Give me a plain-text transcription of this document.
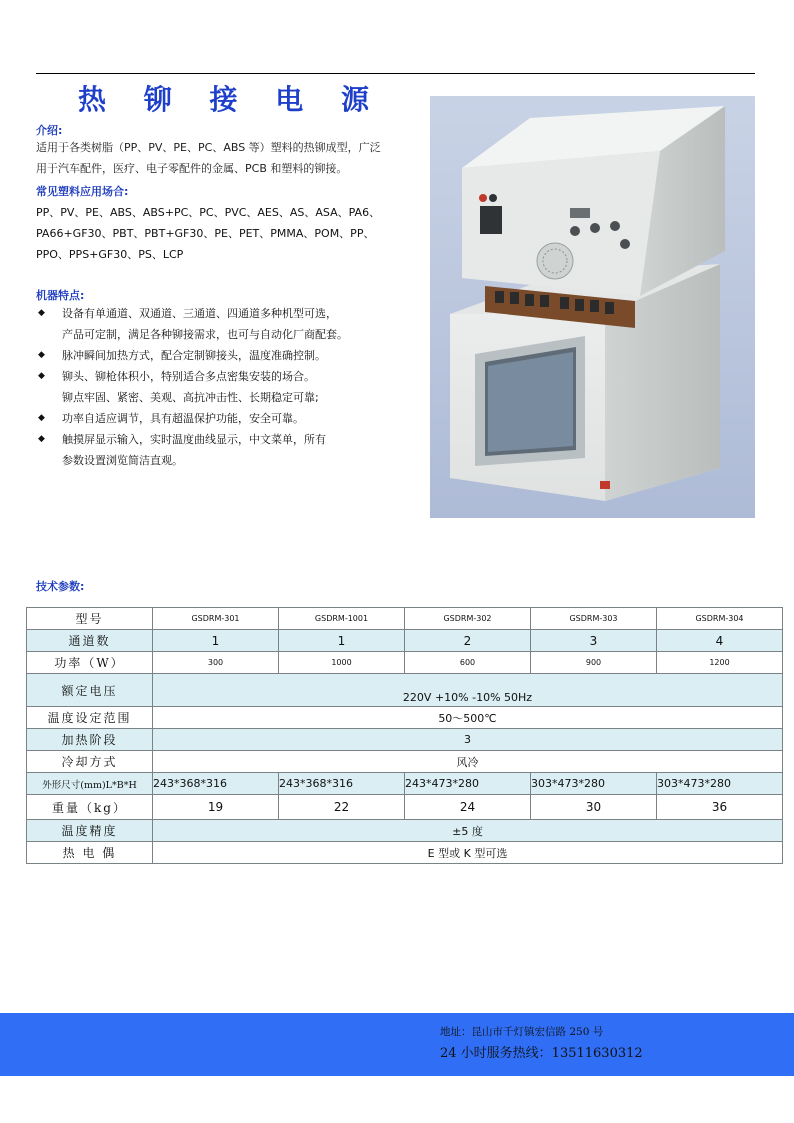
热 铆 接 电 源
介绍:
适用于各类树脂（PP、PV、PE、PC、ABS 等）塑料的热铆成型，广泛
用于汽车配件，医疗、电子零配件的金属、PCB 和塑料的铆接。
常见塑料应用场合:
PP、PV、PE、ABS、ABS+PC、PC、PVC、AES、AS、ASA、PA6、
PA66+GF30、PBT、PBT+GF30、PE、PET、PMMA、POM、PP、
PPO、PPS+GF30、PS、LCP
机器特点:
◆ 设备有单通道、双通道、三通道、四通道多种机型可选，
产品可定制，满足各种铆接需求，也可与自动化厂商配套。
◆ 脉冲瞬间加热方式，配合定制铆接头，温度准确控制。
◆ 铆头、铆枪体积小，特别适合多点密集安装的场合。
铆点牢固、紧密、美观、高抗冲击性、长期稳定可靠;
◆ 功率自适应调节，具有超温保护功能，安全可靠。
◆ 触摸屏显示输入，实时温度曲线显示，中文菜单，所有
参数设置浏览简洁直观。
技术参数:
型号	GSDRM-301	GSDRM-1001	GSDRM-302	GSDRM-303	GSDRM-304
通道数	1	1	2	3	4
功率（W）	300	1000	600	900	1200
额定电压	220V +10% -10% 50Hz				
温度设定范围	50～500℃				
加热阶段	3				
冷却方式	风冷				
外形尺寸(mm)L*B*H	243*368*316	243*368*316	243*473*280	303*473*280	303*473*280
重量（kg）	19	22	24	30	36
温度精度	±5 度				
热 电 偶	E 型或 K 型可选				
地址：昆山市千灯镇宏信路 250 号
24 小时服务热线：13511630312
